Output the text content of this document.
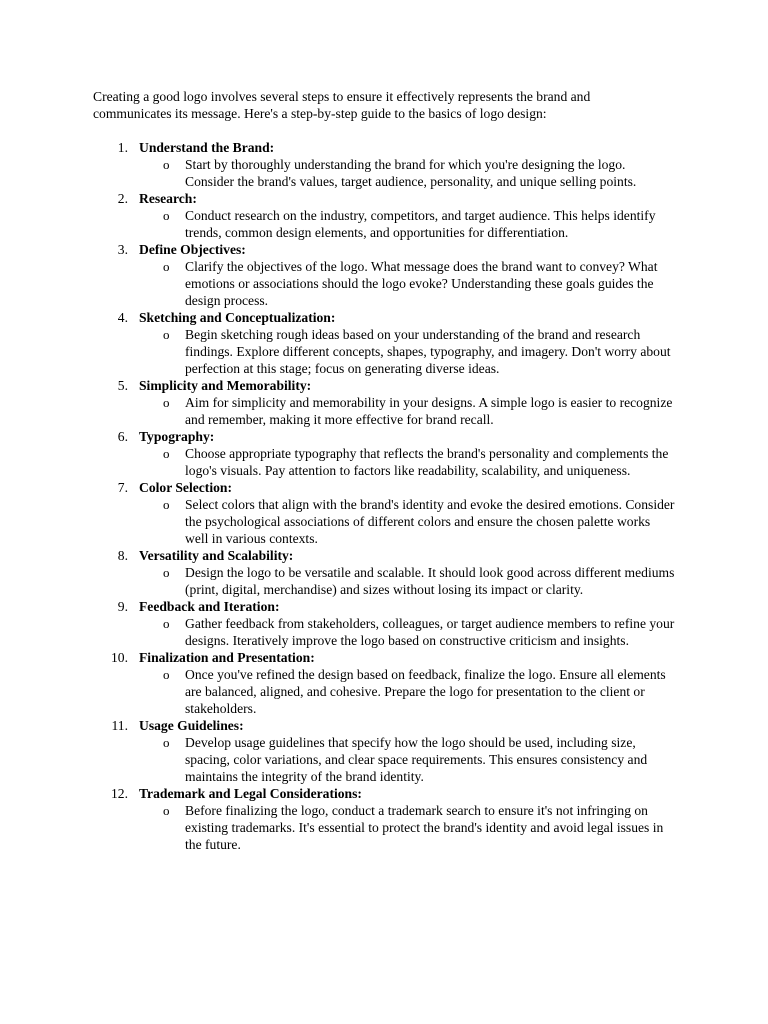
Creating a good logo involves several steps to ensure it effectively represents the brand and communicates its message. Here's a step-by-step guide to the basics of logo design:

1. Understand the Brand:
o Start by thoroughly understanding the brand for which you're designing the logo. Consider the brand's values, target audience, personality, and unique selling points.
2. Research:
o Conduct research on the industry, competitors, and target audience. This helps identify trends, common design elements, and opportunities for differentiation.
3. Define Objectives:
o Clarify the objectives of the logo. What message does the brand want to convey? What emotions or associations should the logo evoke? Understanding these goals guides the design process.
4. Sketching and Conceptualization:
o Begin sketching rough ideas based on your understanding of the brand and research findings. Explore different concepts, shapes, typography, and imagery. Don't worry about perfection at this stage; focus on generating diverse ideas.
5. Simplicity and Memorability:
o Aim for simplicity and memorability in your designs. A simple logo is easier to recognize and remember, making it more effective for brand recall.
6. Typography:
o Choose appropriate typography that reflects the brand's personality and complements the logo's visuals. Pay attention to factors like readability, scalability, and uniqueness.
7. Color Selection:
o Select colors that align with the brand's identity and evoke the desired emotions. Consider the psychological associations of different colors and ensure the chosen palette works well in various contexts.
8. Versatility and Scalability:
o Design the logo to be versatile and scalable. It should look good across different mediums (print, digital, merchandise) and sizes without losing its impact or clarity.
9. Feedback and Iteration:
o Gather feedback from stakeholders, colleagues, or target audience members to refine your designs. Iteratively improve the logo based on constructive criticism and insights.
10. Finalization and Presentation:
o Once you've refined the design based on feedback, finalize the logo. Ensure all elements are balanced, aligned, and cohesive. Prepare the logo for presentation to the client or stakeholders.
11. Usage Guidelines:
o Develop usage guidelines that specify how the logo should be used, including size, spacing, color variations, and clear space requirements. This ensures consistency and maintains the integrity of the brand identity.
12. Trademark and Legal Considerations:
o Before finalizing the logo, conduct a trademark search to ensure it's not infringing on existing trademarks. It's essential to protect the brand's identity and avoid legal issues in the future.
